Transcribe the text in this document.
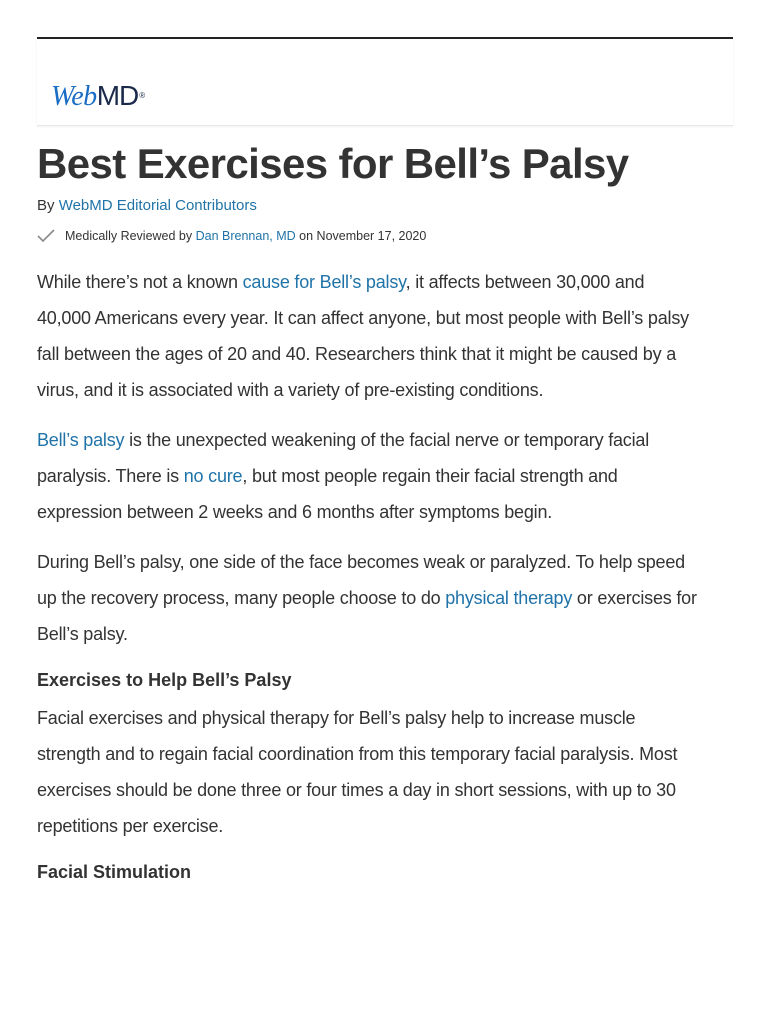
WebMD®
Best Exercises for Bell’s Palsy
By WebMD Editorial Contributors
Medically Reviewed by
Dan Brennan, MD
on November 17, 2020

While there’s not a known cause for Bell’s palsy, it affects between 30,000 and 40,000 Americans every year. It can affect anyone, but most people with Bell’s palsy fall between the ages of 20 and 40. Researchers think that it might be caused by a virus, and it is associated with a variety of pre-existing conditions.

Bell’s palsy is the unexpected weakening of the facial nerve or temporary facial paralysis. There is no cure, but most people regain their facial strength and expression between 2 weeks and 6 months after symptoms begin.

During Bell’s palsy, one side of the face becomes weak or paralyzed. To help speed up the recovery process, many people choose to do physical therapy or exercises for Bell’s palsy.

Exercises to Help Bell’s Palsy

Facial exercises and physical therapy for Bell’s palsy help to increase muscle strength and to regain facial coordination from this temporary facial paralysis. Most exercises should be done three or four times a day in short sessions, with up to 30 repetitions per exercise.

Facial Stimulation
